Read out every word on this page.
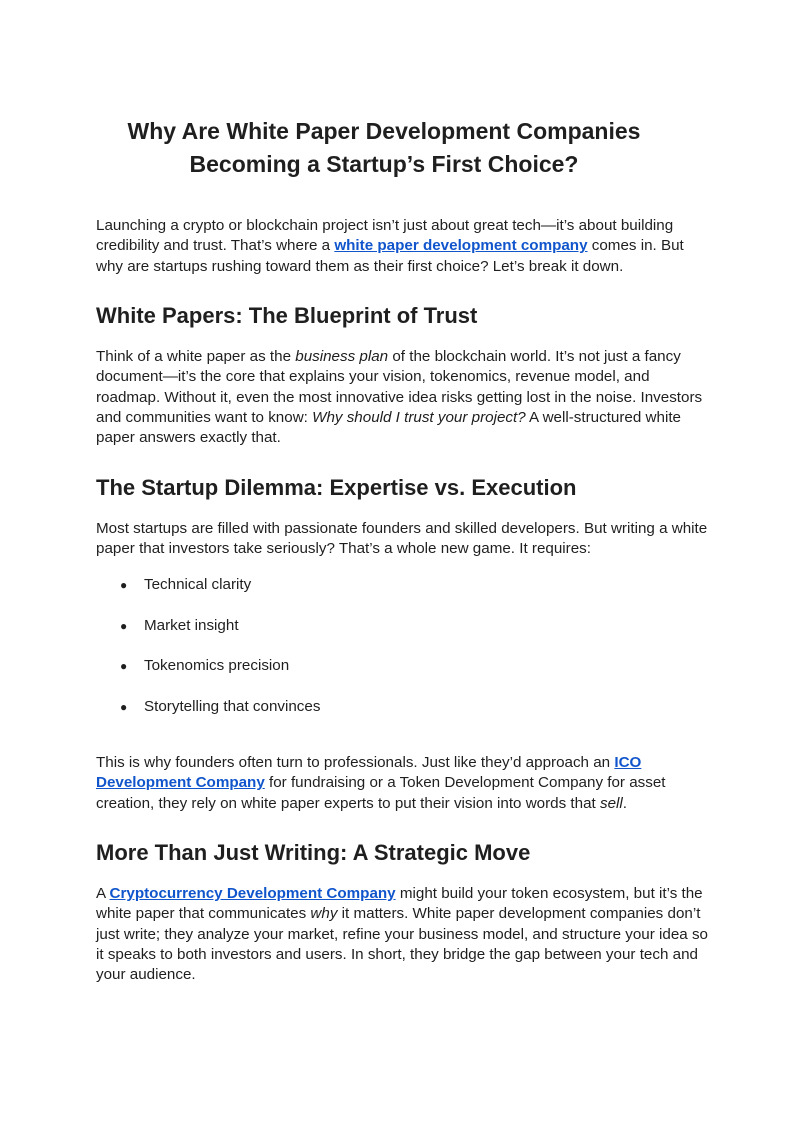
Why Are White Paper Development Companies
Becoming a Startup’s First Choice?

Launching a crypto or blockchain project isn’t just about great tech—it’s about building credibility and trust. That’s where a white paper development company comes in. But why are startups rushing toward them as their first choice? Let’s break it down.

White Papers: The Blueprint of Trust

Think of a white paper as the business plan of the blockchain world. It’s not just a fancy document—it’s the core that explains your vision, tokenomics, revenue model, and roadmap. Without it, even the most innovative idea risks getting lost in the noise. Investors and communities want to know: Why should I trust your project? A well-structured white paper answers exactly that.

The Startup Dilemma: Expertise vs. Execution

Most startups are filled with passionate founders and skilled developers. But writing a white paper that investors take seriously? That’s a whole new game. It requires:

● Technical clarity
● Market insight
● Tokenomics precision
● Storytelling that convinces

This is why founders often turn to professionals. Just like they’d approach an ICO Development Company for fundraising or a Token Development Company for asset creation, they rely on white paper experts to put their vision into words that sell.

More Than Just Writing: A Strategic Move

A Cryptocurrency Development Company might build your token ecosystem, but it’s the white paper that communicates why it matters. White paper development companies don’t just write; they analyze your market, refine your business model, and structure your idea so it speaks to both investors and users. In short, they bridge the gap between your tech and your audience.
